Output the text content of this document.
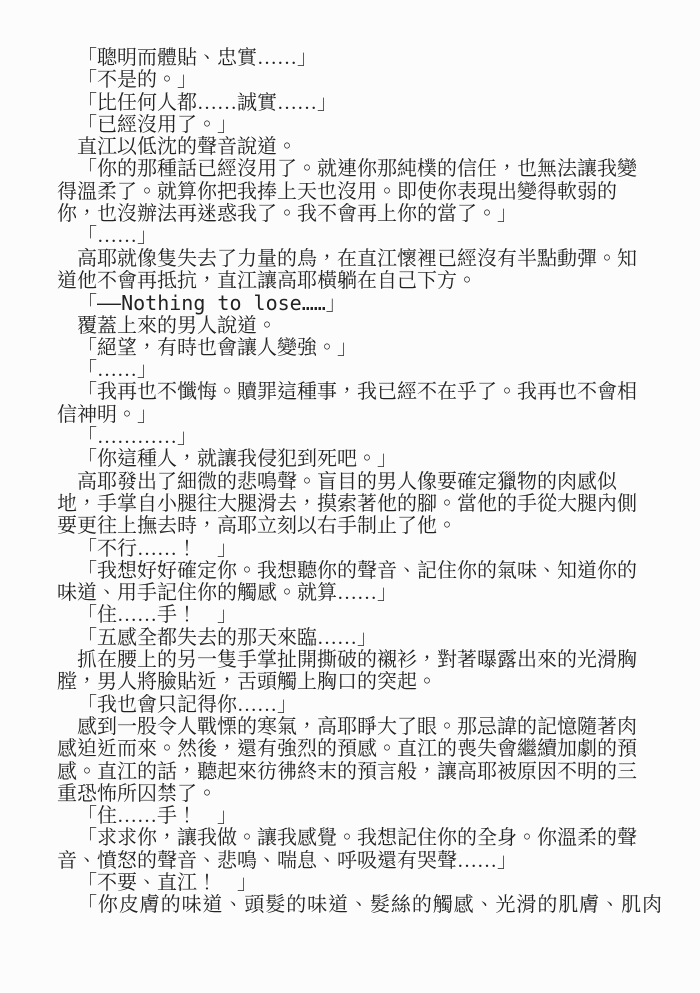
「聰明而體貼、忠實……」
「不是的。」
「比任何人都……誠實……」
「已經沒用了。」
直江以低沈的聲音說道。
「你的那種話已經沒用了。就連你那純樸的信任，也無法讓我變
得溫柔了。就算你把我捧上天也沒用。即使你表現出變得軟弱的
你，也沒辦法再迷惑我了。我不會再上你的當了。」
「……」
高耶就像隻失去了力量的鳥，在直江懷裡已經沒有半點動彈。知
道他不會再抵抗，直江讓高耶橫躺在自己下方。
「——Nothing to lose……」
覆蓋上來的男人說道。
「絕望，有時也會讓人變強。」
「……」
「我再也不懺悔。贖罪這種事，我已經不在乎了。我再也不會相
信神明。」
「…………」
「你這種人，就讓我侵犯到死吧。」
高耶發出了細微的悲鳴聲。盲目的男人像要確定獵物的肉感似
地，手掌自小腿往大腿滑去，摸索著他的腳。當他的手從大腿內側
要更往上撫去時，高耶立刻以右手制止了他。
「不行……！　」
「我想好好確定你。我想聽你的聲音、記住你的氣味、知道你的
味道、用手記住你的觸感。就算……」
「住……手！　」
「五感全都失去的那天來臨……」
抓在腰上的另一隻手掌扯開撕破的襯衫，對著曝露出來的光滑胸
膛，男人將臉貼近，舌頭觸上胸口的突起。
「我也會只記得你……」
感到一股令人戰慄的寒氣，高耶睜大了眼。那忌諱的記憶隨著肉
感迫近而來。然後，還有強烈的預感。直江的喪失會繼續加劇的預
感。直江的話，聽起來彷彿終末的預言般，讓高耶被原因不明的三
重恐怖所囚禁了。
「住……手！　」
「求求你，讓我做。讓我感覺。我想記住你的全身。你溫柔的聲
音、憤怒的聲音、悲鳴、喘息、呼吸還有哭聲……」
「不要、直江！　」
「你皮膚的味道、頭髮的味道、髮絲的觸感、光滑的肌膚、肌肉
